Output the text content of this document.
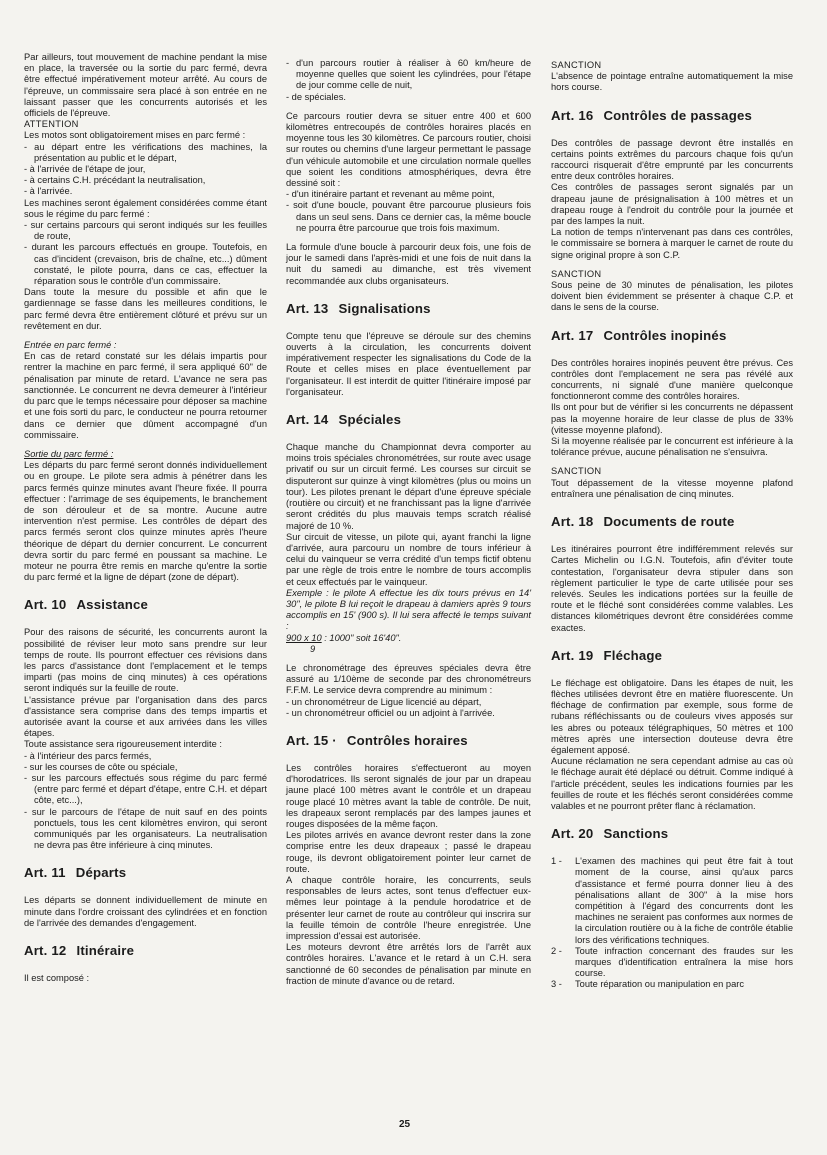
Par ailleurs, tout mouvement de machine pendant la mise en place, la traversée ou la sortie du parc fermé, devra être effectué impérativement moteur arrêté. Au cours de l'épreuve, un commissaire sera placé à son entrée en ne laissant passer que les concurrents autorisés et les officiels de l'épreuve.

ATTENTION

Les motos sont obligatoirement mises en parc fermé :

- au départ entre les vérifications des machines, la présentation au public et le départ,
- à l'arrivée de l'étape de jour,
- à certains C.H. précédant la neutralisation,
- à l'arrivée.

Les machines seront également considérées comme étant sous le régime du parc fermé :

- sur certains parcours qui seront indiqués sur les feuilles de route,
- durant les parcours effectués en groupe. Toutefois, en cas d'incident (crevaison, bris de chaîne, etc...) dûment constaté, le pilote pourra, dans ce cas, effectuer la réparation sous le contrôle d'un commissaire.

Dans toute la mesure du possible et afin que le gardiennage se fasse dans les meilleures conditions, le parc fermé devra être entièrement clôturé et prévu sur un revêtement en dur.

Entrée en parc fermé :

En cas de retard constaté sur les délais impartis pour rentrer la machine en parc fermé, il sera appliqué 60" de pénalisation par minute de retard. L'avance ne sera pas sanctionnée. Le concurrent ne devra demeurer à l'intérieur du parc que le temps nécessaire pour déposer sa machine et une fois sorti du parc, le conducteur ne pourra retourner dans ce dernier que dûment accompagné d'un commissaire.

Sortie du parc fermé :

Les départs du parc fermé seront donnés individuellement ou en groupe. Le pilote sera admis à pénétrer dans les parcs fermés quinze minutes avant l'heure fixée. Il pourra effectuer : l'arrimage de ses équipements, le branchement de son dérouleur et de sa montre. Aucune autre intervention n'est permise. Les contrôles de départ des parcs fermés seront clos quinze minutes après l'heure théorique de départ du dernier concurrent. Le concurrent devra sortir du parc fermé en poussant sa machine. Le moteur ne pourra être remis en marche qu'entre la sortie du parc fermé et la ligne de départ (zone de départ).

Art. 10 Assistance

Pour des raisons de sécurité, les concurrents auront la possibilité de réviser leur moto sans prendre sur leur temps de route. Ils pourront effectuer ces révisions dans les parcs d'assistance dont l'emplacement et le temps imparti (pas moins de cinq minutes) à ces opérations seront indiqués sur la feuille de route.

L'assistance prévue par l'organisation dans des parcs d'assistance sera comprise dans des temps impartis et autorisée avant la course et aux arrivées dans les villes étapes.

Toute assistance sera rigoureusement interdite :

- à l'intérieur des parcs fermés,
- sur les courses de côte ou spéciale,
- sur les parcours effectués sous régime du parc fermé (entre parc fermé et départ d'étape, entre C.H. et départ côte, etc...),
- sur le parcours de l'étape de nuit sauf en des points ponctuels, tous les cent kilomètres environ, qui seront communiqués par les organisateurs. La neutralisation ne devra pas être inférieure à cinq minutes.
Art. 11 Départs

Les départs se donnent individuellement de minute en minute dans l'ordre croissant des cylindrées et en fonction de l'arrivée des demandes d'engagement.

Art. 12 Itinéraire

Il est composé :

- d'un parcours routier à réaliser à 60 km/heure de moyenne quelles que soient les cylindrées, pour l'étape de jour comme celle de nuit,
- de spéciales.

Ce parcours routier devra se situer entre 400 et 600 kilomètres entrecoupés de contrôles horaires placés en moyenne tous les 30 kilomètres. Ce parcours routier, choisi sur routes ou chemins d'une largeur permettant le passage d'un véhicule automobile et une circulation normale quelles que soient les conditions atmosphériques, devra être dessiné soit :

- d'un itinéraire partant et revenant au même point,
- soit d'une boucle, pouvant être parcourue plusieurs fois dans un seul sens. Dans ce dernier cas, la même boucle ne pourra être parcourue que trois fois maximum.

La formule d'une boucle à parcourir deux fois, une fois de jour le samedi dans l'après-midi et une fois de nuit dans la nuit du samedi au dimanche, est très vivement recommandée aux clubs organisateurs.

Art. 13 Signalisations

Compte tenu que l'épreuve se déroule sur des chemins ouverts à la circulation, les concurrents doivent impérativement respecter les signalisations du Code de la Route et celles mises en place éventuellement par l'organisateur. Il est interdit de quitter l'itinéraire imposé par l'organisateur.

Art. 14 Spéciales

Chaque manche du Championnat devra comporter au moins trois spéciales chronométrées, sur route avec usage privatif ou sur un circuit fermé. Les courses sur circuit se disputeront sur quinze à vingt kilomètres (plus ou moins un tour). Les pilotes prenant le départ d'une épreuve spéciale (routière ou circuit) et ne franchissant pas la ligne d'arrivée seront crédités du plus mauvais temps scratch réalisé majoré de 10 %.

Sur circuit de vitesse, un pilote qui, ayant franchi la ligne d'arrivée, aura parcouru un nombre de tours inférieur à celui du vainqueur se verra crédité d'un temps fictif obtenu par une règle de trois entre le nombre de tours accomplis et ceux effectués par le vainqueur.

Exemple : le pilote A effectue les dix tours prévus en 14' 30", le pilote B lui reçoit le drapeau à damiers après 9 tours accomplis en 15' (900 s). Il lui sera affecté le temps suivant :

900 x 10 : 1000" soit 16'40".
9

Le chronométrage des épreuves spéciales devra être assuré au 1/10ème de seconde par des chronométreurs F.F.M. Le service devra comprendre au minimum :

- un chronométreur de Ligue licencié au départ,
- un chronométreur officiel ou un adjoint à l'arrivée.
Art. 15 · Contrôles horaires

Les contrôles horaires s'effectueront au moyen d'horodatrices. Ils seront signalés de jour par un drapeau jaune placé 100 mètres avant le contrôle et un drapeau rouge placé 10 mètres avant la table de contrôle. De nuit, les drapeaux seront remplacés par des lampes jaunes et rouges disposées de la même façon.

Les pilotes arrivés en avance devront rester dans la zone comprise entre les deux drapeaux ; passé le drapeau rouge, ils devront obligatoirement pointer leur carnet de route.

A chaque contrôle horaire, les concurrents, seuls responsables de leurs actes, sont tenus d'effectuer eux-mêmes leur pointage à la pendule horodatrice et de présenter leur carnet de route au contrôleur qui inscrira sur la feuille témoin de contrôle l'heure enregistrée. Une impression d'essai est autorisée.

Les moteurs devront être arrêtés lors de l'arrêt aux contrôles horaires. L'avance et le retard à un C.H. sera sanctionné de 60 secondes de pénalisation par minute en fraction de minute d'avance ou de retard.

SANCTION

L'absence de pointage entraîne automatiquement la mise hors course.

Art. 16 Contrôles de passages

Des contrôles de passage devront être installés en certains points extrêmes du parcours chaque fois qu'un raccourci risquerait d'être emprunté par les concurrents entre deux contrôles horaires.

Ces contrôles de passages seront signalés par un drapeau jaune de présignalisation à 100 mètres et un drapeau rouge à l'endroit du contrôle pour la journée et par des lampes la nuit.

La notion de temps n'intervenant pas dans ces contrôles, le commissaire se bornera à marquer le carnet de route du signe original propre à son C.P.

SANCTION

Sous peine de 30 minutes de pénalisation, les pilotes doivent bien évidemment se présenter à chaque C.P. et dans le sens de la course.

Art. 17 Contrôles inopinés

Des contrôles horaires inopinés peuvent être prévus. Ces contrôles dont l'emplacement ne sera pas révélé aux concurrents, ni signalé d'une manière quelconque fonctionneront comme des contrôles horaires.

Ils ont pour but de vérifier si les concurrents ne dépassent pas la moyenne horaire de leur classe de plus de 33% (vitesse moyenne plafond).

Si la moyenne réalisée par le concurrent est inférieure à la tolérance prévue, aucune pénalisation ne s'ensuivra.

SANCTION

Tout dépassement de la vitesse moyenne plafond entraînera une pénalisation de cinq minutes.

Art. 18 Documents de route

Les itinéraires pourront être indifféremment relevés sur Cartes Michelin ou I.G.N. Toutefois, afin d'éviter toute contestation, l'organisateur devra stipuler dans son règlement particulier le type de carte utilisée pour ses relevés. Seules les indications portées sur la feuille de route et le fléché sont considérées comme valables. Les distances kilométriques devront être considérées comme exactes.

Art. 19 Fléchage

Le fléchage est obligatoire. Dans les étapes de nuit, les flèches utilisées devront être en matière fluorescente. Un fléchage de confirmation par exemple, sous forme de rubans réfléchissants ou de couleurs vives apposés sur les abres ou poteaux télégraphiques, 50 mètres et 100 mètres après une intersection douteuse devra être également apposé.

Aucune réclamation ne sera cependant admise au cas où le fléchage aurait été déplacé ou détruit. Comme indiqué à l'article précédent, seules les indications fournies par les feuilles de route et les fléchés seront considérées comme valables et ne pourront prêter flanc à réclamation.

Art. 20 Sanctions
1 - L'examen des machines qui peut être fait à tout moment de la course, ainsi qu'aux parcs d'assistance et fermé pourra donner lieu à des pénalisations allant de 300" à la mise hors compétition à l'égard des concurrents dont les machines ne seraient pas conformes aux normes de la circulation routière ou à la fiche de contrôle établie lors des vérifications techniques.
2 - Toute infraction concernant des fraudes sur les marques d'identification entraînera la mise hors course.
3 - Toute réparation ou manipulation en parc
25
